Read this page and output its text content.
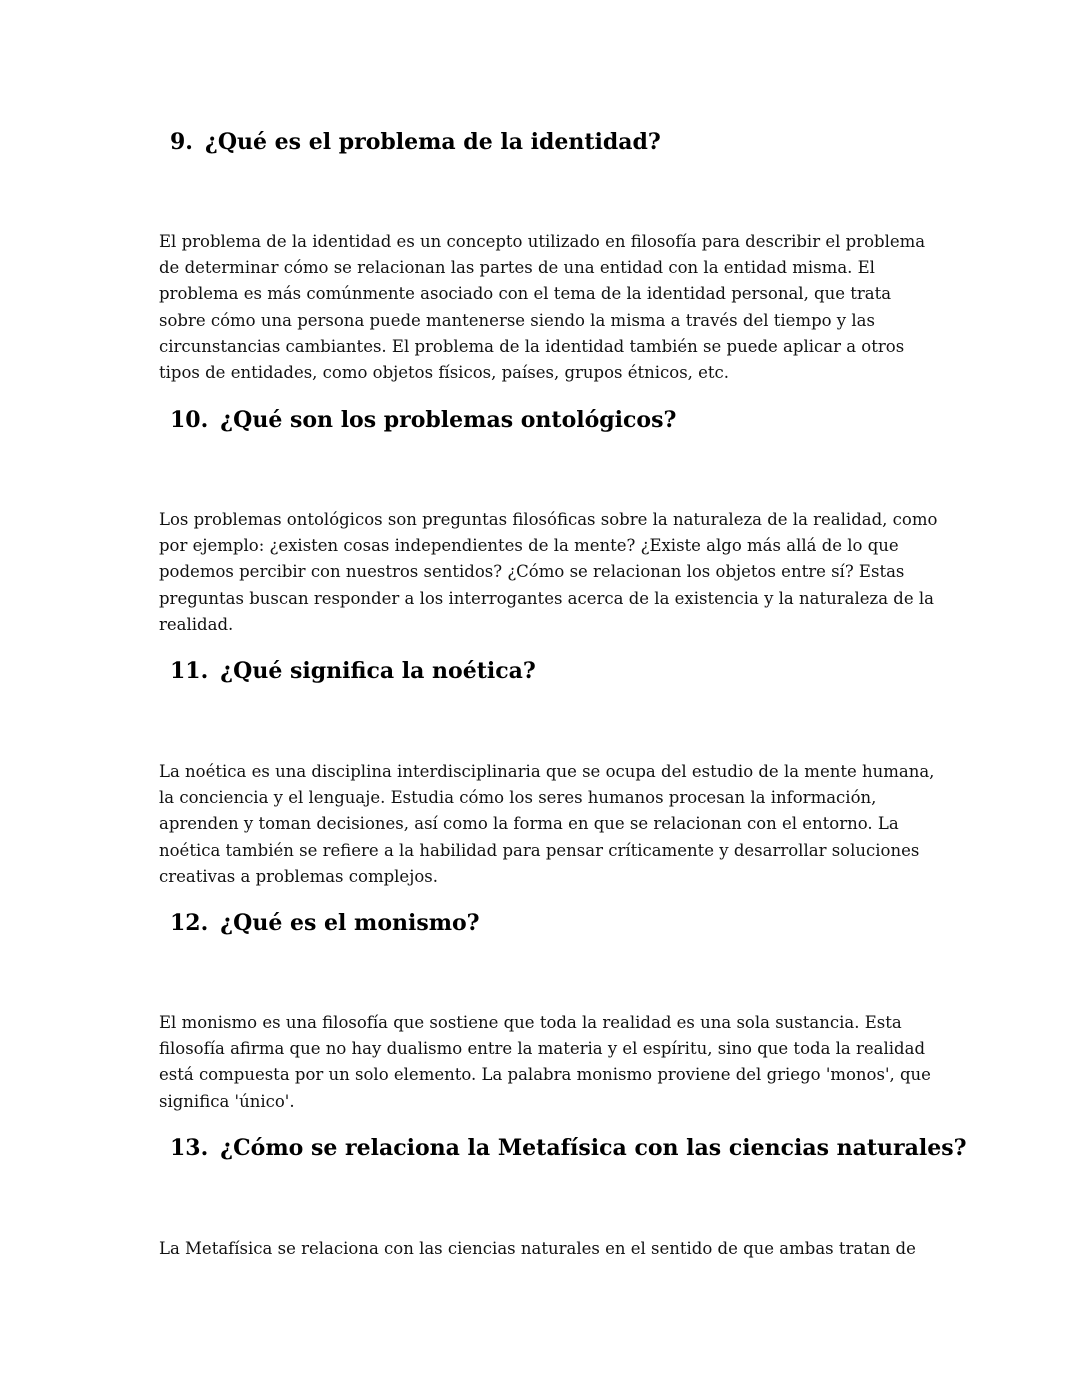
9. ¿Qué es el problema de la identidad?

El problema de la identidad es un concepto utilizado en filosofía para describir el problema
de determinar cómo se relacionan las partes de una entidad con la entidad misma. El
problema es más comúnmente asociado con el tema de la identidad personal, que trata
sobre cómo una persona puede mantenerse siendo la misma a través del tiempo y las
circunstancias cambiantes. El problema de la identidad también se puede aplicar a otros
tipos de entidades, como objetos físicos, países, grupos étnicos, etc.

10. ¿Qué son los problemas ontológicos?

Los problemas ontológicos son preguntas filosóficas sobre la naturaleza de la realidad, como
por ejemplo: ¿existen cosas independientes de la mente? ¿Existe algo más allá de lo que
podemos percibir con nuestros sentidos? ¿Cómo se relacionan los objetos entre sí? Estas
preguntas buscan responder a los interrogantes acerca de la existencia y la naturaleza de la
realidad.

11. ¿Qué significa la noética?

La noética es una disciplina interdisciplinaria que se ocupa del estudio de la mente humana,
la conciencia y el lenguaje. Estudia cómo los seres humanos procesan la información,
aprenden y toman decisiones, así como la forma en que se relacionan con el entorno. La
noética también se refiere a la habilidad para pensar críticamente y desarrollar soluciones
creativas a problemas complejos.

12. ¿Qué es el monismo?

El monismo es una filosofía que sostiene que toda la realidad es una sola sustancia. Esta
filosofía afirma que no hay dualismo entre la materia y el espíritu, sino que toda la realidad
está compuesta por un solo elemento. La palabra monismo proviene del griego 'monos', que
significa 'único'.

13. ¿Cómo se relaciona la Metafísica con las ciencias naturales?

La Metafísica se relaciona con las ciencias naturales en el sentido de que ambas tratan de
